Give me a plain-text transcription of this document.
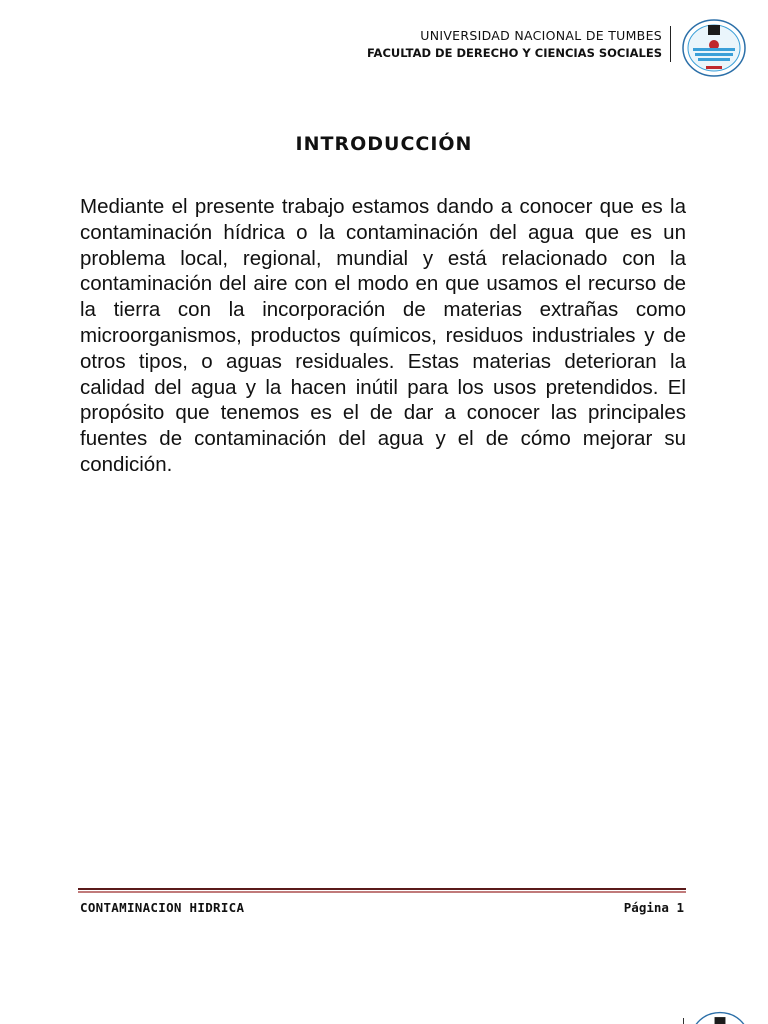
UNIVERSIDAD NACIONAL DE TUMBES
FACULTAD DE DERECHO Y CIENCIAS SOCIALES
INTRODUCCIÓN
Mediante el presente trabajo estamos dando a conocer que es la contaminación hídrica o la contaminación del agua que es un problema local, regional, mundial y está relacionado con la contaminación del aire con el modo en que usamos el recurso de la tierra con la incorporación de materias extrañas como microorganismos, productos químicos, residuos industriales y de otros tipos, o aguas residuales. Estas materias deterioran la calidad del agua y la hacen inútil para los usos pretendidos. El propósito que tenemos es el de dar a conocer las principales fuentes de contaminación del agua y el de cómo mejorar su condición.
CONTAMINACION HIDRICA	Página 1
